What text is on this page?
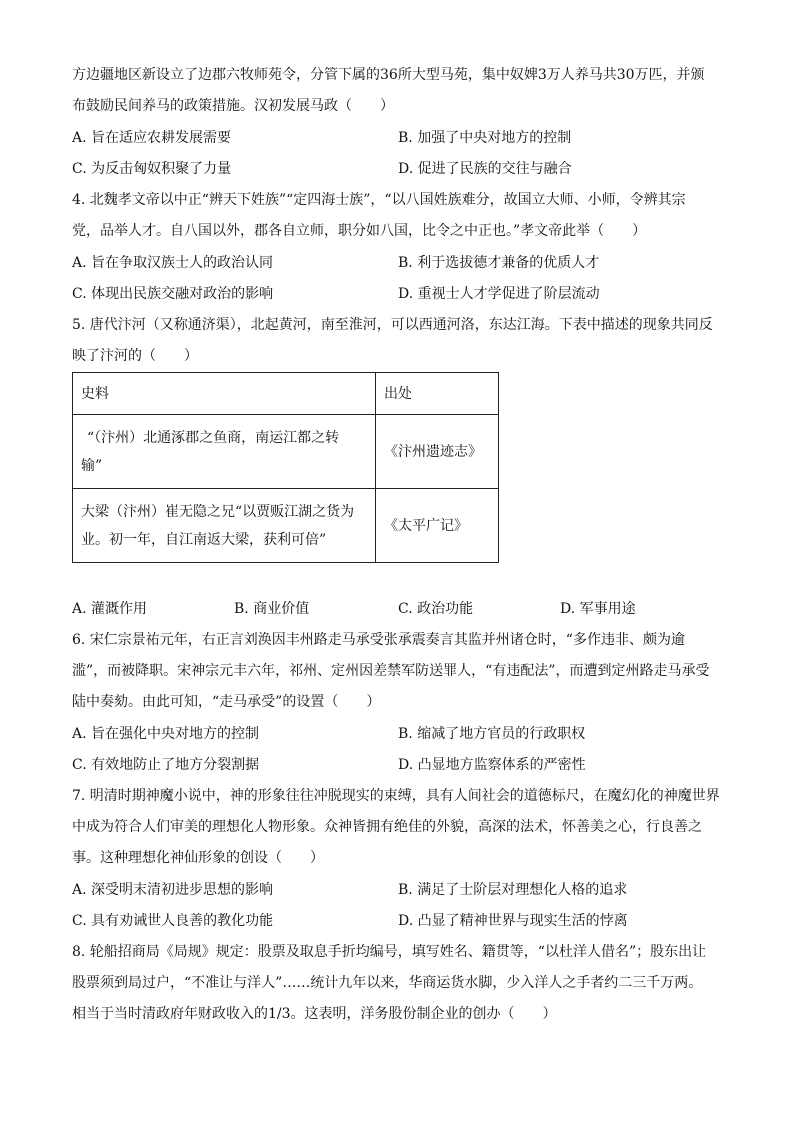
方边疆地区新设立了边郡六牧师苑令，分管下属的36所大型马苑，集中奴婢3万人养马共30万匹，并颁
布鼓励民间养马的政策措施。汉初发展马政（　　）
A. 旨在适应农耕发展需要	B. 加强了中央对地方的控制
C. 为反击匈奴积聚了力量	D. 促进了民族的交往与融合
4. 北魏孝文帝以中正“辨天下姓族”“定四海士族”，“以八国姓族难分，故国立大师、小师，令辨其宗
党，品举人才。自八国以外，郡各自立师，职分如八国，比令之中正也。”孝文帝此举（　　）
A. 旨在争取汉族士人的政治认同	B. 利于选拔德才兼备的优质人才
C. 体现出民族交融对政治的影响	D. 重视士人才学促进了阶层流动
5. 唐代汴河（又称通济渠），北起黄河，南至淮河，可以西通河洛，东达江海。下表中描述的现象共同反
映了汴河的（　　）
史料	出处

“（汴州）北通涿郡之鱼商，南运江都之转
输”	《汴州遗迹志》

大梁（汴州）崔无隐之兄“以贾贩江湖之货为
业。初一年，自江南返大梁，获利可倍”	《太平广记》
A. 灌溉作用	B. 商业价值	C. 政治功能	D. 军事用途
6. 宋仁宗景祐元年，右正言刘涣因丰州路走马承受张承震奏言其监并州诸仓时，“多作违非、颇为逾
滥”，而被降职。宋神宗元丰六年，祁州、定州因差禁军防送罪人，“有违配法”，而遭到定州路走马承受
陆中奏劾。由此可知，“走马承受”的设置（　　）
A. 旨在强化中央对地方的控制	B. 缩减了地方官员的行政职权
C. 有效地防止了地方分裂割据	D. 凸显地方监察体系的严密性
7. 明清时期神魔小说中，神的形象往往冲脱现实的束缚，具有人间社会的道德标尺，在魔幻化的神魔世界
中成为符合人们审美的理想化人物形象。众神皆拥有绝佳的外貌，高深的法术，怀善美之心，行良善之
事。这种理想化神仙形象的创设（　　）
A. 深受明末清初进步思想的影响	B. 满足了士阶层对理想化人格的追求
C. 具有劝诫世人良善的教化功能	D. 凸显了精神世界与现实生活的悖离
8. 轮船招商局《局规》规定：股票及取息手折均编号，填写姓名、籍贯等，“以杜洋人借名”；股东出让
股票须到局过户，“不准让与洋人”……统计九年以来，华商运货水脚，少入洋人之手者约二三千万两。
相当于当时清政府年财政收入的1/3。这表明，洋务股份制企业的创办（　　）
